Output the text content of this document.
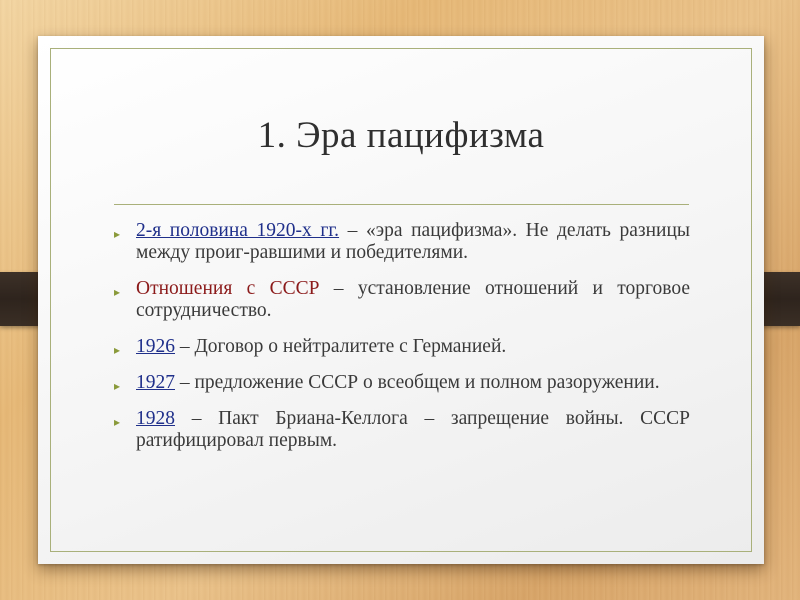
1. Эра пацифизма
▸ 2-я половина 1920-х гг. – «эра пацифизма». Не делать разницы между проиг-равшими и победителями.
▸ Отношения с СССР – установление отношений и торговое сотрудничество.
▸ 1926 – Договор о нейтралитете с Германией.
▸ 1927 – предложение СССР о всеобщем и полном разоружении.
▸ 1928 – Пакт Бриана-Келлога – запрещение войны. СССР ратифицировал первым.
